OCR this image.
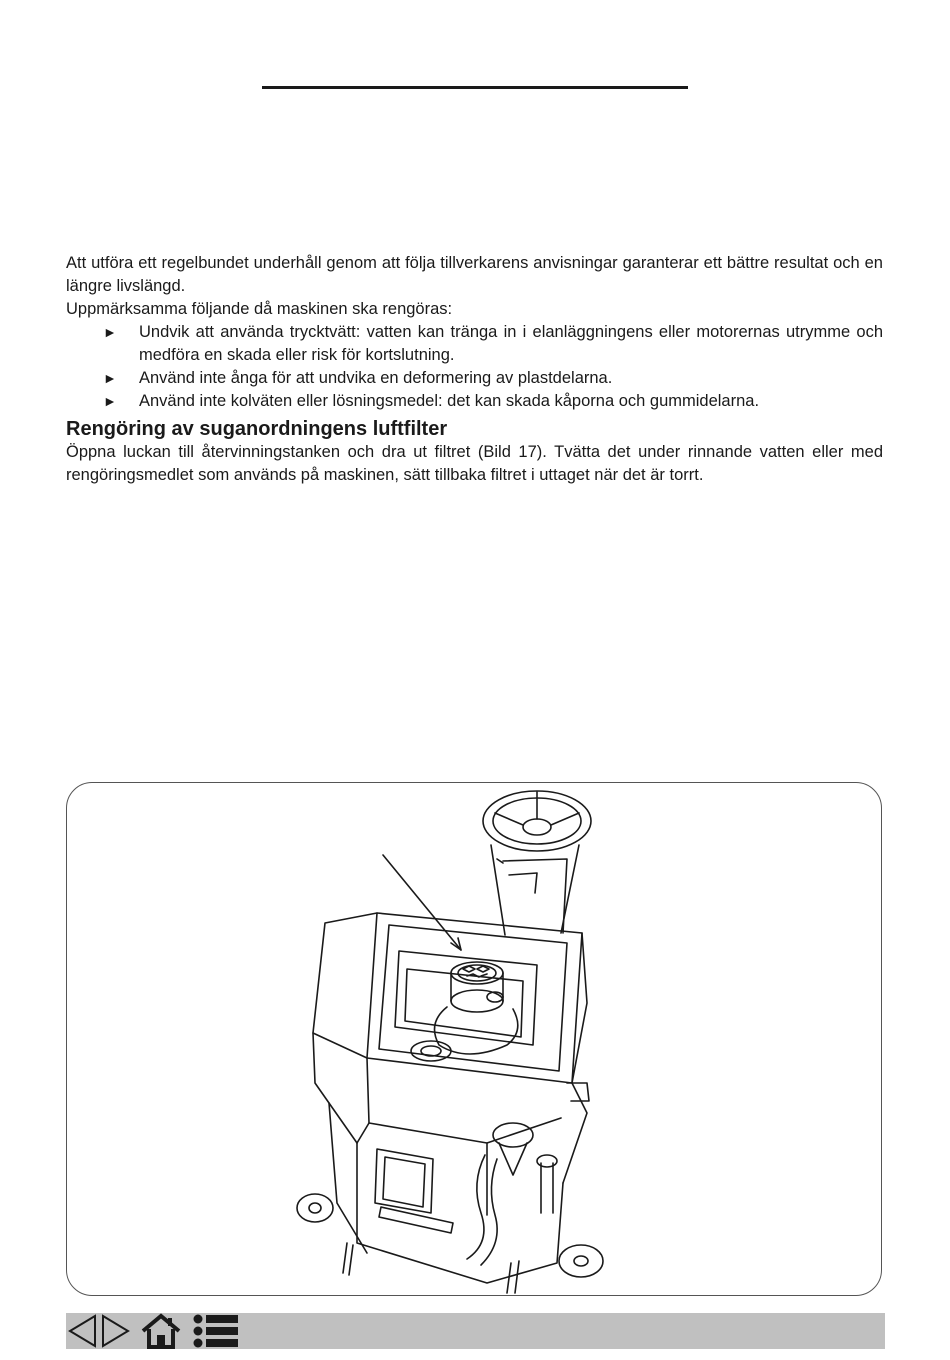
Att utföra ett regelbundet underhåll genom att följa tillverkarens anvisningar garanterar ett bättre resultat och en längre livslängd.

Uppmärksamma följande då maskinen ska rengöras:

► Undvik att använda trycktvätt: vatten kan tränga in i elanläggningens eller motorernas utrymme och medföra en skada eller risk för kortslutning.
► Använd inte ånga för att undvika en deformering av plastdelarna.
► Använd inte kolväten eller lösningsmedel: det kan skada kåporna och gummidelarna.
Rengöring av suganordningens luftfilter

Öppna luckan till återvinningstanken och dra ut filtret (Bild 17). Tvätta det under rinnande vatten eller med rengöringsmedlet som används på maskinen, sätt tillbaka filtret i uttaget när det är torrt.
